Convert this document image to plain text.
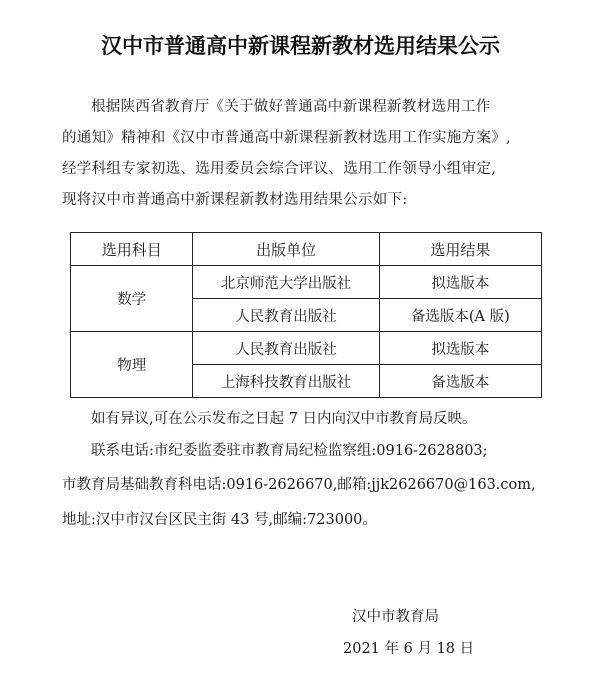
汉中市普通高中新课程新教材选用结果公示
根据陕西省教育厅《关于做好普通高中新课程新教材选用工作
的通知》精神和《汉中市普通高中新课程新教材选用工作实施方案》,
经学科组专家初选、选用委员会综合评议、选用工作领导小组审定,
现将汉中市普通高中新课程新教材选用结果公示如下:
选用科目	出版单位	选用结果
数学	北京师范大学出版社	拟选版本
	人民教育出版社	备选版本(A 版)
物理	人民教育出版社	拟选版本
	上海科技教育出版社	备选版本
如有异议,可在公示发布之日起 7 日内向汉中市教育局反映。
联系电话:市纪委监委驻市教育局纪检监察组:0916-2628803;
市教育局基础教育科电话:0916-2626670,邮箱:jjk2626670@163.com,
地址:汉中市汉台区民主街 43 号,邮编:723000。
汉中市教育局
2021 年 6 月 18 日
